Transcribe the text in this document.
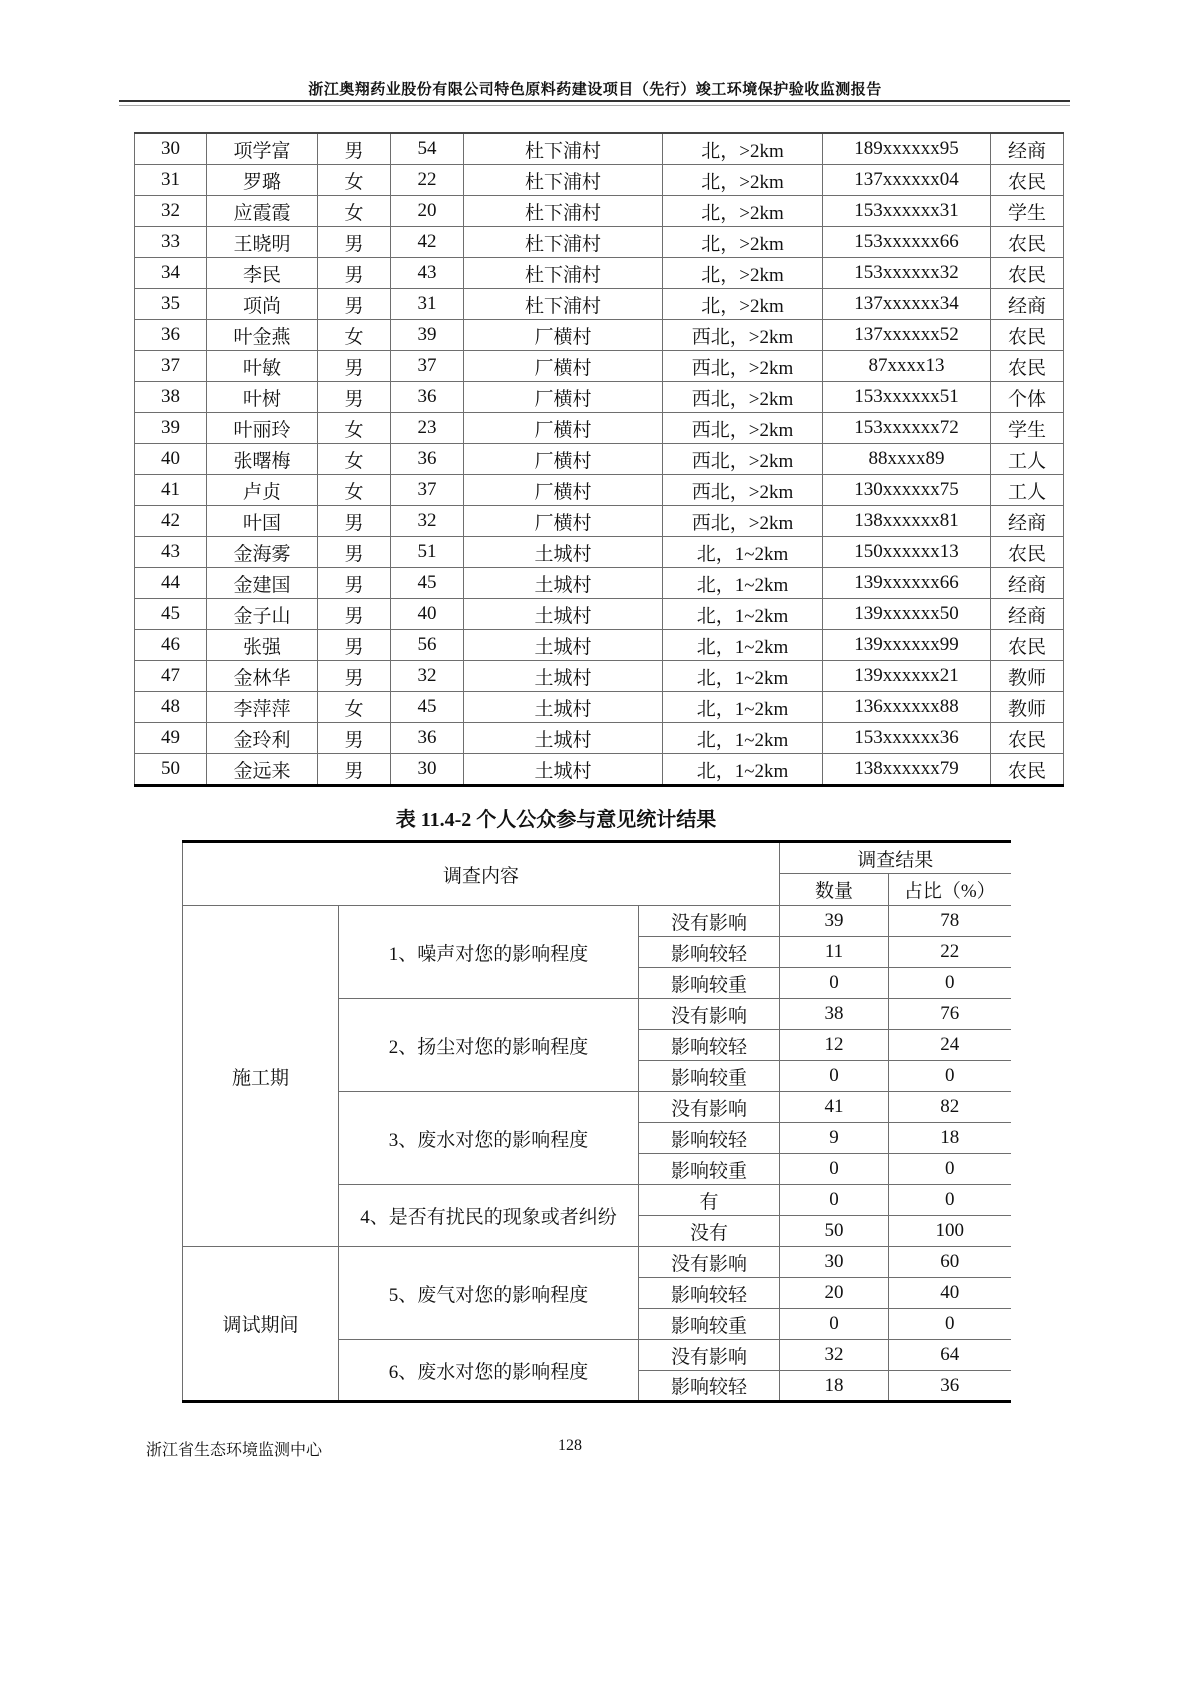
浙江奥翔药业股份有限公司特色原料药建设项目（先行）竣工环境保护验收监测报告
30	项学富	男	54	杜下浦村	北，>2km	189xxxxxx95	经商
31	罗璐	女	22	杜下浦村	北，>2km	137xxxxxx04	农民
32	应霞霞	女	20	杜下浦村	北，>2km	153xxxxxx31	学生
33	王晓明	男	42	杜下浦村	北，>2km	153xxxxxx66	农民
34	李民	男	43	杜下浦村	北，>2km	153xxxxxx32	农民
35	项尚	男	31	杜下浦村	北，>2km	137xxxxxx34	经商
36	叶金燕	女	39	厂横村	西北，>2km	137xxxxxx52	农民
37	叶敏	男	37	厂横村	西北，>2km	87xxxx13	农民
38	叶树	男	36	厂横村	西北，>2km	153xxxxxx51	个体
39	叶丽玲	女	23	厂横村	西北，>2km	153xxxxxx72	学生
40	张曙梅	女	36	厂横村	西北，>2km	88xxxx89	工人
41	卢贞	女	37	厂横村	西北，>2km	130xxxxxx75	工人
42	叶国	男	32	厂横村	西北，>2km	138xxxxxx81	经商
43	金海雾	男	51	土城村	北，1~2km	150xxxxxx13	农民
44	金建国	男	45	土城村	北，1~2km	139xxxxxx66	经商
45	金子山	男	40	土城村	北，1~2km	139xxxxxx50	经商
46	张强	男	56	土城村	北，1~2km	139xxxxxx99	农民
47	金林华	男	32	土城村	北，1~2km	139xxxxxx21	教师
48	李萍萍	女	45	土城村	北，1~2km	136xxxxxx88	教师
49	金玲利	男	36	土城村	北，1~2km	153xxxxxx36	农民
50	金远来	男	30	土城村	北，1~2km	138xxxxxx79	农民
表 11.4-2 个人公众参与意见统计结果
调查内容			调查结果	
			数量	占比（%）
施工期	1、噪声对您的影响程度	没有影响	39	78
		影响较轻	11	22
		影响较重	0	0
	2、扬尘对您的影响程度	没有影响	38	76
		影响较轻	12	24
		影响较重	0	0
	3、废水对您的影响程度	没有影响	41	82
		影响较轻	9	18
		影响较重	0	0
	4、是否有扰民的现象或者纠纷	有	0	0
		没有	50	100
调试期间	5、废气对您的影响程度	没有影响	30	60
		影响较轻	20	40
		影响较重	0	0
	6、废水对您的影响程度	没有影响	32	64
		影响较轻	18	36
浙江省生态环境监测中心	128
